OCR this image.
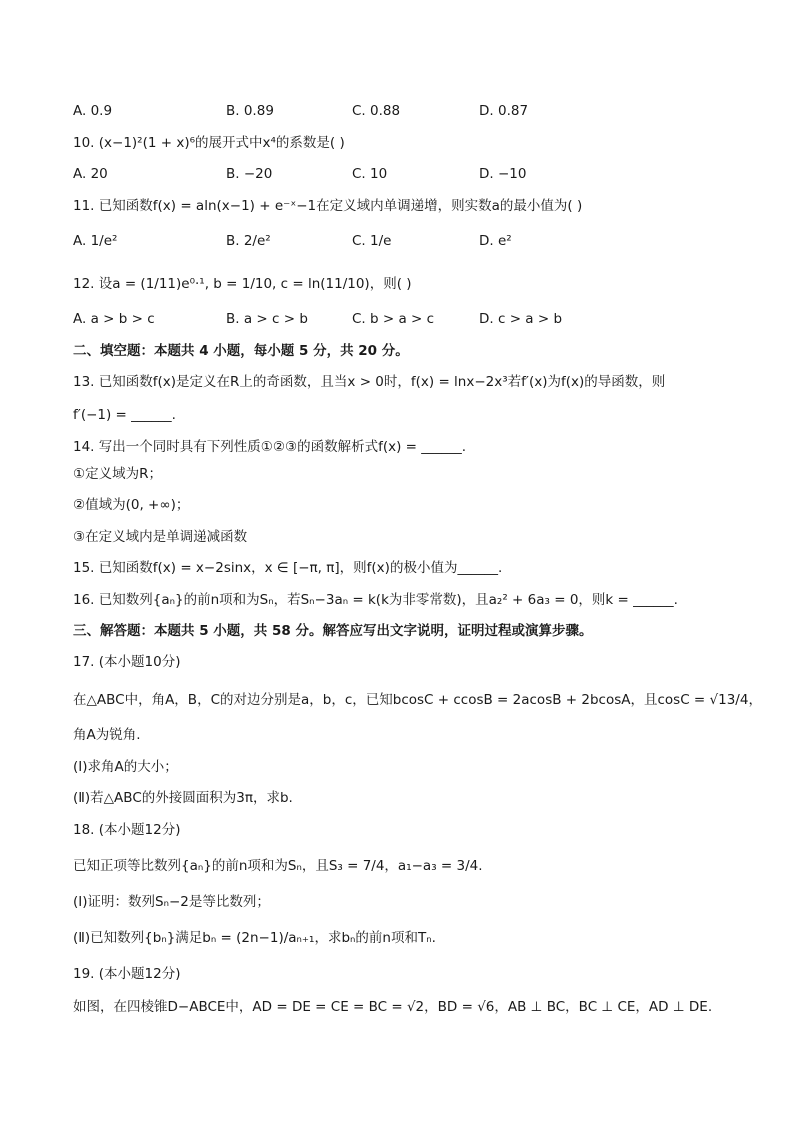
A. 0.9	B. 0.89	C. 0.88	D. 0.87
10. (x−1)²(1 + x)⁶的展开式中x⁴的系数是( )
A. 20	B. −20	C. 10	D. −10
11. 已知函数f(x) = aln(x−1) + e⁻ˣ−1在定义域内单调递增，则实数a的最小值为( )
A. 1/e²	B. 2/e²	C. 1/e	D. e²
12. 设a = (1/11)e⁰·¹, b = 1/10, c = ln(11/10)，则( )
A. a > b > c	B. a > c > b	C. b > a > c	D. c > a > b
二、填空题：本题共 4 小题，每小题 5 分，共 20 分。
13. 已知函数f(x)是定义在R上的奇函数，且当x > 0时，f(x) = lnx−2x³若f′(x)为f(x)的导函数，则
f′(−1) = ______.
14. 写出一个同时具有下列性质①②③的函数解析式f(x) = ______.
①定义域为R；
②值域为(0, +∞)；
③在定义域内是单调递减函数
15. 已知函数f(x) = x−2sinx，x ∈ [−π, π]，则f(x)的极小值为______.
16. 已知数列{aₙ}的前n项和为Sₙ，若Sₙ−3aₙ = k(k为非零常数)，且a₂² + 6a₃ = 0，则k = ______.
三、解答题：本题共 5 小题，共 58 分。解答应写出文字说明，证明过程或演算步骤。
17. (本小题10分)
在△ABC中，角A，B，C的对边分别是a，b，c，已知bcosC + ccosB = 2acosB + 2bcosA，且cosC = √13/4，
角A为锐角.
(Ⅰ)求角A的大小；
(Ⅱ)若△ABC的外接圆面积为3π，求b.
18. (本小题12分)
已知正项等比数列{aₙ}的前n项和为Sₙ，且S₃ = 7/4，a₁−a₃ = 3/4.
(Ⅰ)证明：数列Sₙ−2是等比数列；
(Ⅱ)已知数列{bₙ}满足bₙ = (2n−1)/aₙ₊₁，求bₙ的前n项和Tₙ.
19. (本小题12分)
如图，在四棱锥D−ABCE中，AD = DE = CE = BC = √2，BD = √6，AB ⊥ BC，BC ⊥ CE，AD ⊥ DE.
